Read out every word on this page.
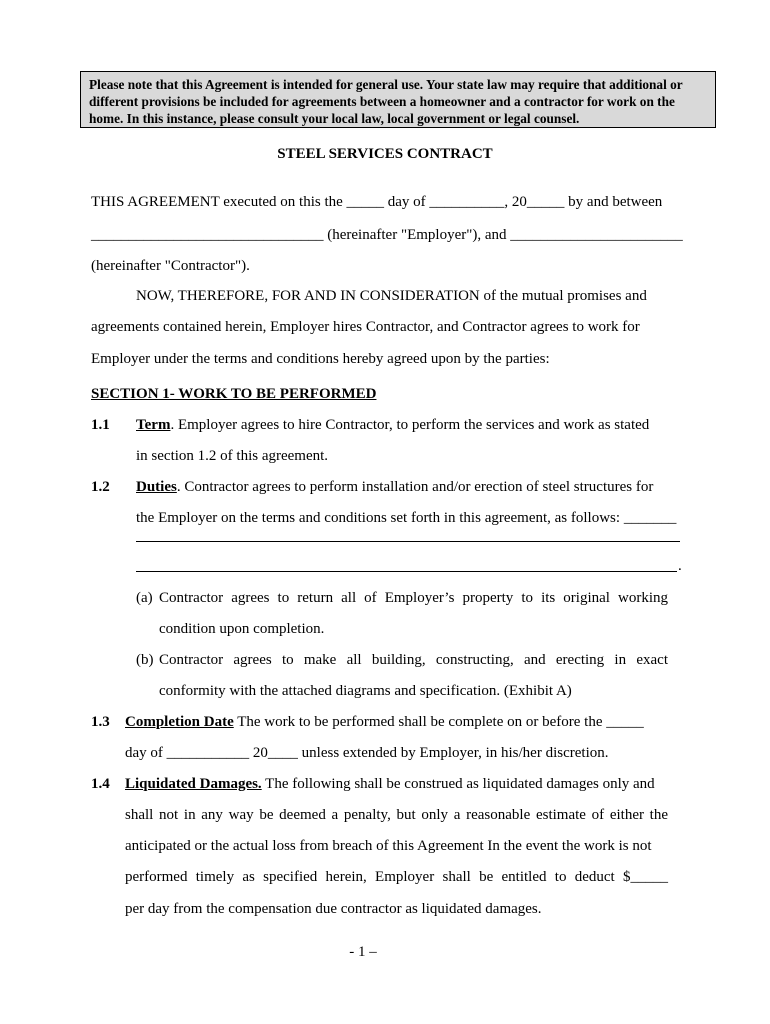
Please note that this Agreement is intended for general use. Your state law may require that additional or
different provisions be included for agreements between a homeowner and a contractor for work on the
home. In this instance, please consult your local law, local government or legal counsel.
STEEL SERVICES CONTRACT
THIS AGREEMENT executed on this the _____ day of __________, 20_____ by and between
_______________________________ (hereinafter "Employer"), and _______________________
(hereinafter "Contractor").
NOW, THEREFORE, FOR AND IN CONSIDERATION of the mutual promises and
agreements contained herein, Employer hires Contractor, and Contractor agrees to work for
Employer under the terms and conditions hereby agreed upon by the parties:
SECTION 1- WORK TO BE PERFORMED
1.1 Term. Employer agrees to hire Contractor, to perform the services and work as stated
in section 1.2 of this agreement.
1.2 Duties. Contractor agrees to perform installation and/or erection of steel structures for
the Employer on the terms and conditions set forth in this agreement, as follows: _______
.
(a) Contractor agrees to return all of Employer’s property to its original working
condition upon completion.
(b) Contractor agrees to make all building, constructing, and erecting in exact
conformity with the attached diagrams and specification. (Exhibit A)
1.3 Completion Date The work to be performed shall be complete on or before the _____
day of ___________ 20____ unless extended by Employer, in his/her discretion.
1.4 Liquidated Damages. The following shall be construed as liquidated damages only and
shall not in any way be deemed a penalty, but only a reasonable estimate of either the
anticipated or the actual loss from breach of this Agreement In the event the work is not
performed timely as specified herein, Employer shall be entitled to deduct $_____
per day from the compensation due contractor as liquidated damages.
- 1 –
